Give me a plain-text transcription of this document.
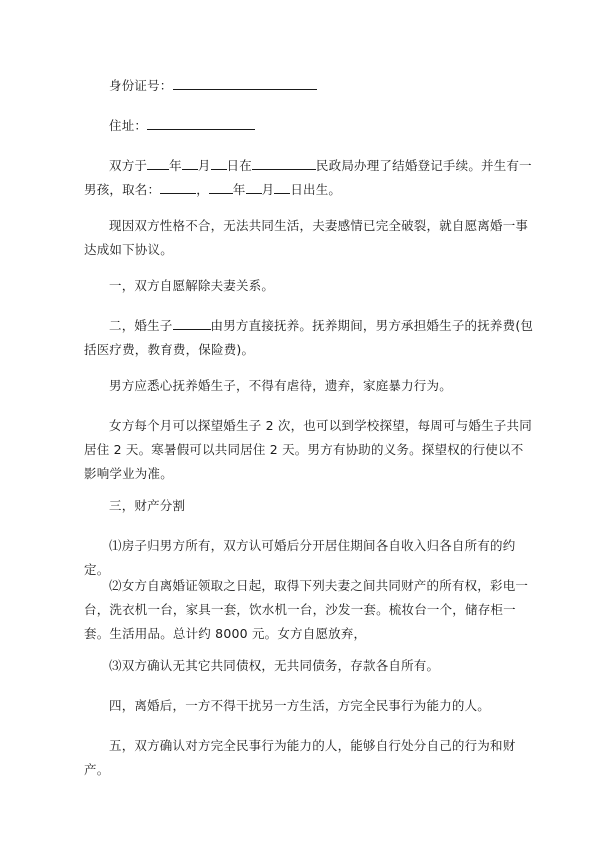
身份证号：

住址：

双方于 年 月 日在	民政局办理了结婚登记手续。并生有一男孩，取名：	， 年 月 日出生。

现因双方性格不合，无法共同生活，夫妻感情已完全破裂，就自愿离婚一事达成如下协议。

一，双方自愿解除夫妻关系。

二，婚生子	由男方直接抚养。抚养期间，男方承担婚生子的抚养费(包括医疗费，教育费，保险费)。

男方应悉心抚养婚生子，不得有虐待，遗弃，家庭暴力行为。

女方每个月可以探望婚生子 2 次，也可以到学校探望，每周可与婚生子共同居住 2 天。寒暑假可以共同居住 2 天。男方有协助的义务。探望权的行使以不影响学业为准。

三，财产分割

⑴房子归男方所有，双方认可婚后分开居住期间各自收入归各自所有的约定。

⑵女方自离婚证领取之日起，取得下列夫妻之间共同财产的所有权，彩电一台，洗衣机一台，家具一套，饮水机一台，沙发一套。梳妆台一个，储存柜一套。生活用品。总计约 8000 元。女方自愿放弃，

⑶双方确认无其它共同债权，无共同债务，存款各自所有。

四，离婚后，一方不得干扰另一方生活，方完全民事行为能力的人。

五，双方确认对方完全民事行为能力的人，能够自行处分自己的行为和财产。
